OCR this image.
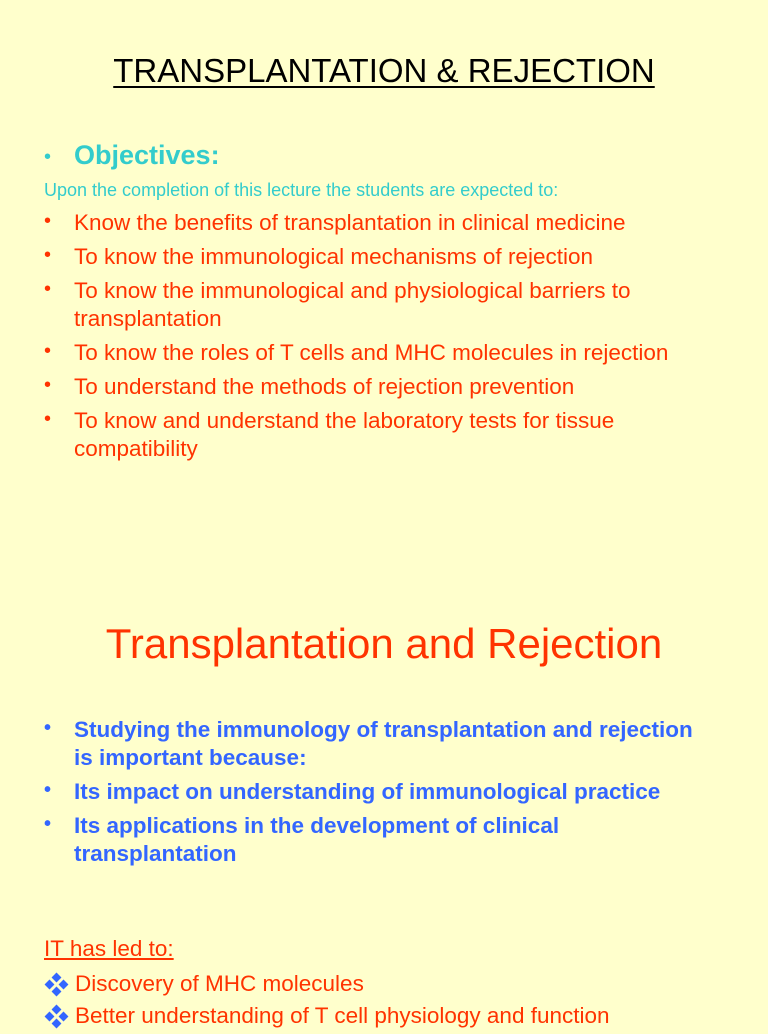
TRANSPLANTATION & REJECTION
• Objectives:
Upon the completion of this lecture the students are expected to:
• Know the benefits of transplantation in clinical medicine
• To know the immunological mechanisms of rejection
• To know the immunological and physiological barriers to transplantation
• To know the roles of T cells and MHC molecules in rejection
• To understand the methods of rejection prevention
• To know and understand the laboratory tests for tissue compatibility
Transplantation and Rejection
• Studying the immunology of transplantation and rejection is important because:
• Its impact on understanding of immunological practice
• Its applications in the development of clinical transplantation
IT has led to:
Discovery of MHC molecules
Better understanding of T cell physiology and function
